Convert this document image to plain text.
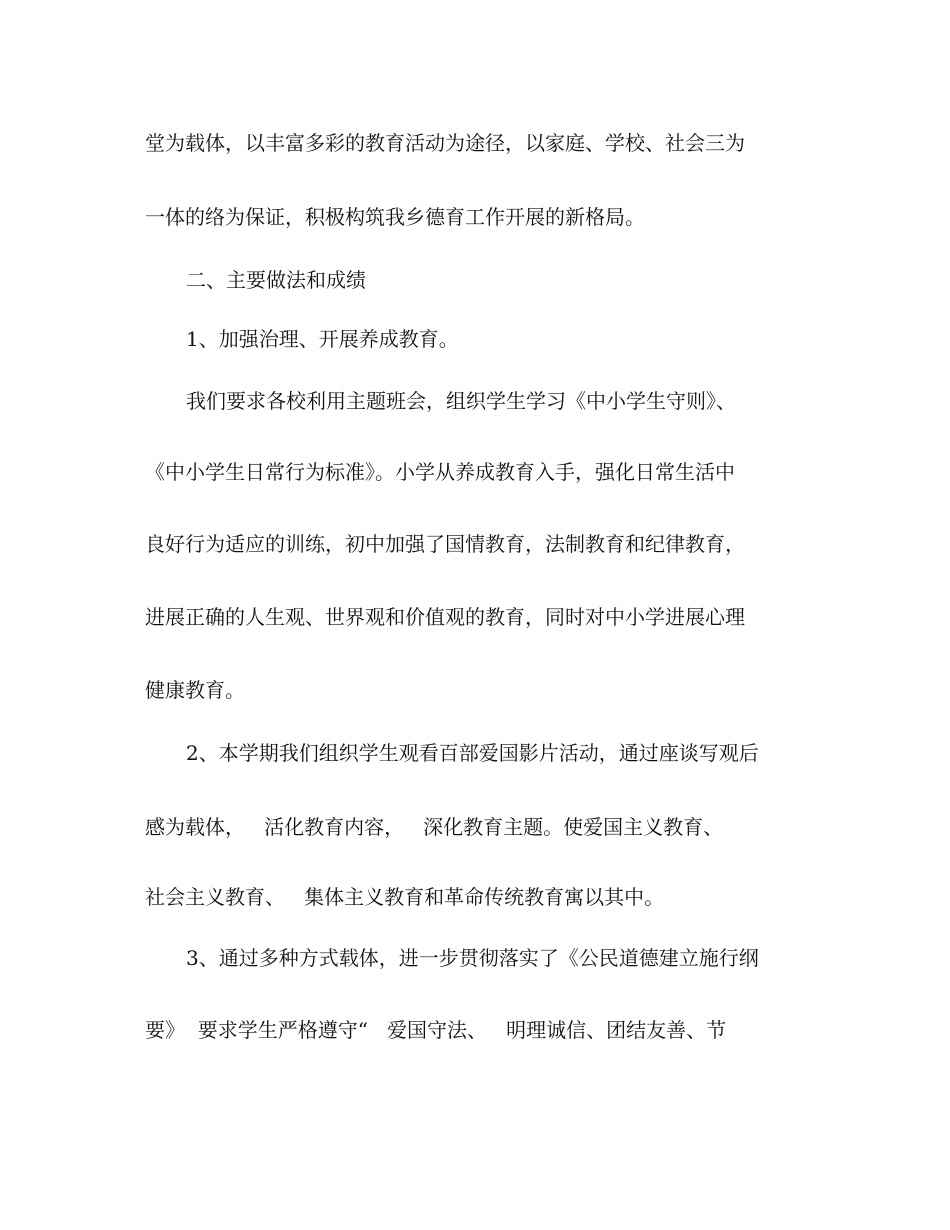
堂为载体，以丰富多彩的教育活动为途径，以家庭、学校、社会三为

一体的络为保证，积极构筑我乡德育工作开展的新格局。

二、主要做法和成绩

1、加强治理、开展养成教育。

我们要求各校利用主题班会，组织学生学习《中小学生守则》、

《中小学生日常行为标准》。小学从养成教育入手，强化日常生活中

良好行为适应的训练，初中加强了国情教育，法制教育和纪律教育，

进展正确的人生观、世界观和价值观的教育，同时对中小学进展心理

健康教育。

2、本学期我们组织学生观看百部爱国影片活动，通过座谈写观后

感为载体，   活化教育内容，   深化教育主题。使爱国主义教育、

社会主义教育、   集体主义教育和革命传统教育寓以其中。

3、通过多种方式载体，进一步贯彻落实了《公民道德建立施行纲

要》  要求学生严格遵守“   爱国守法、   明理诚信、团结友善、节
